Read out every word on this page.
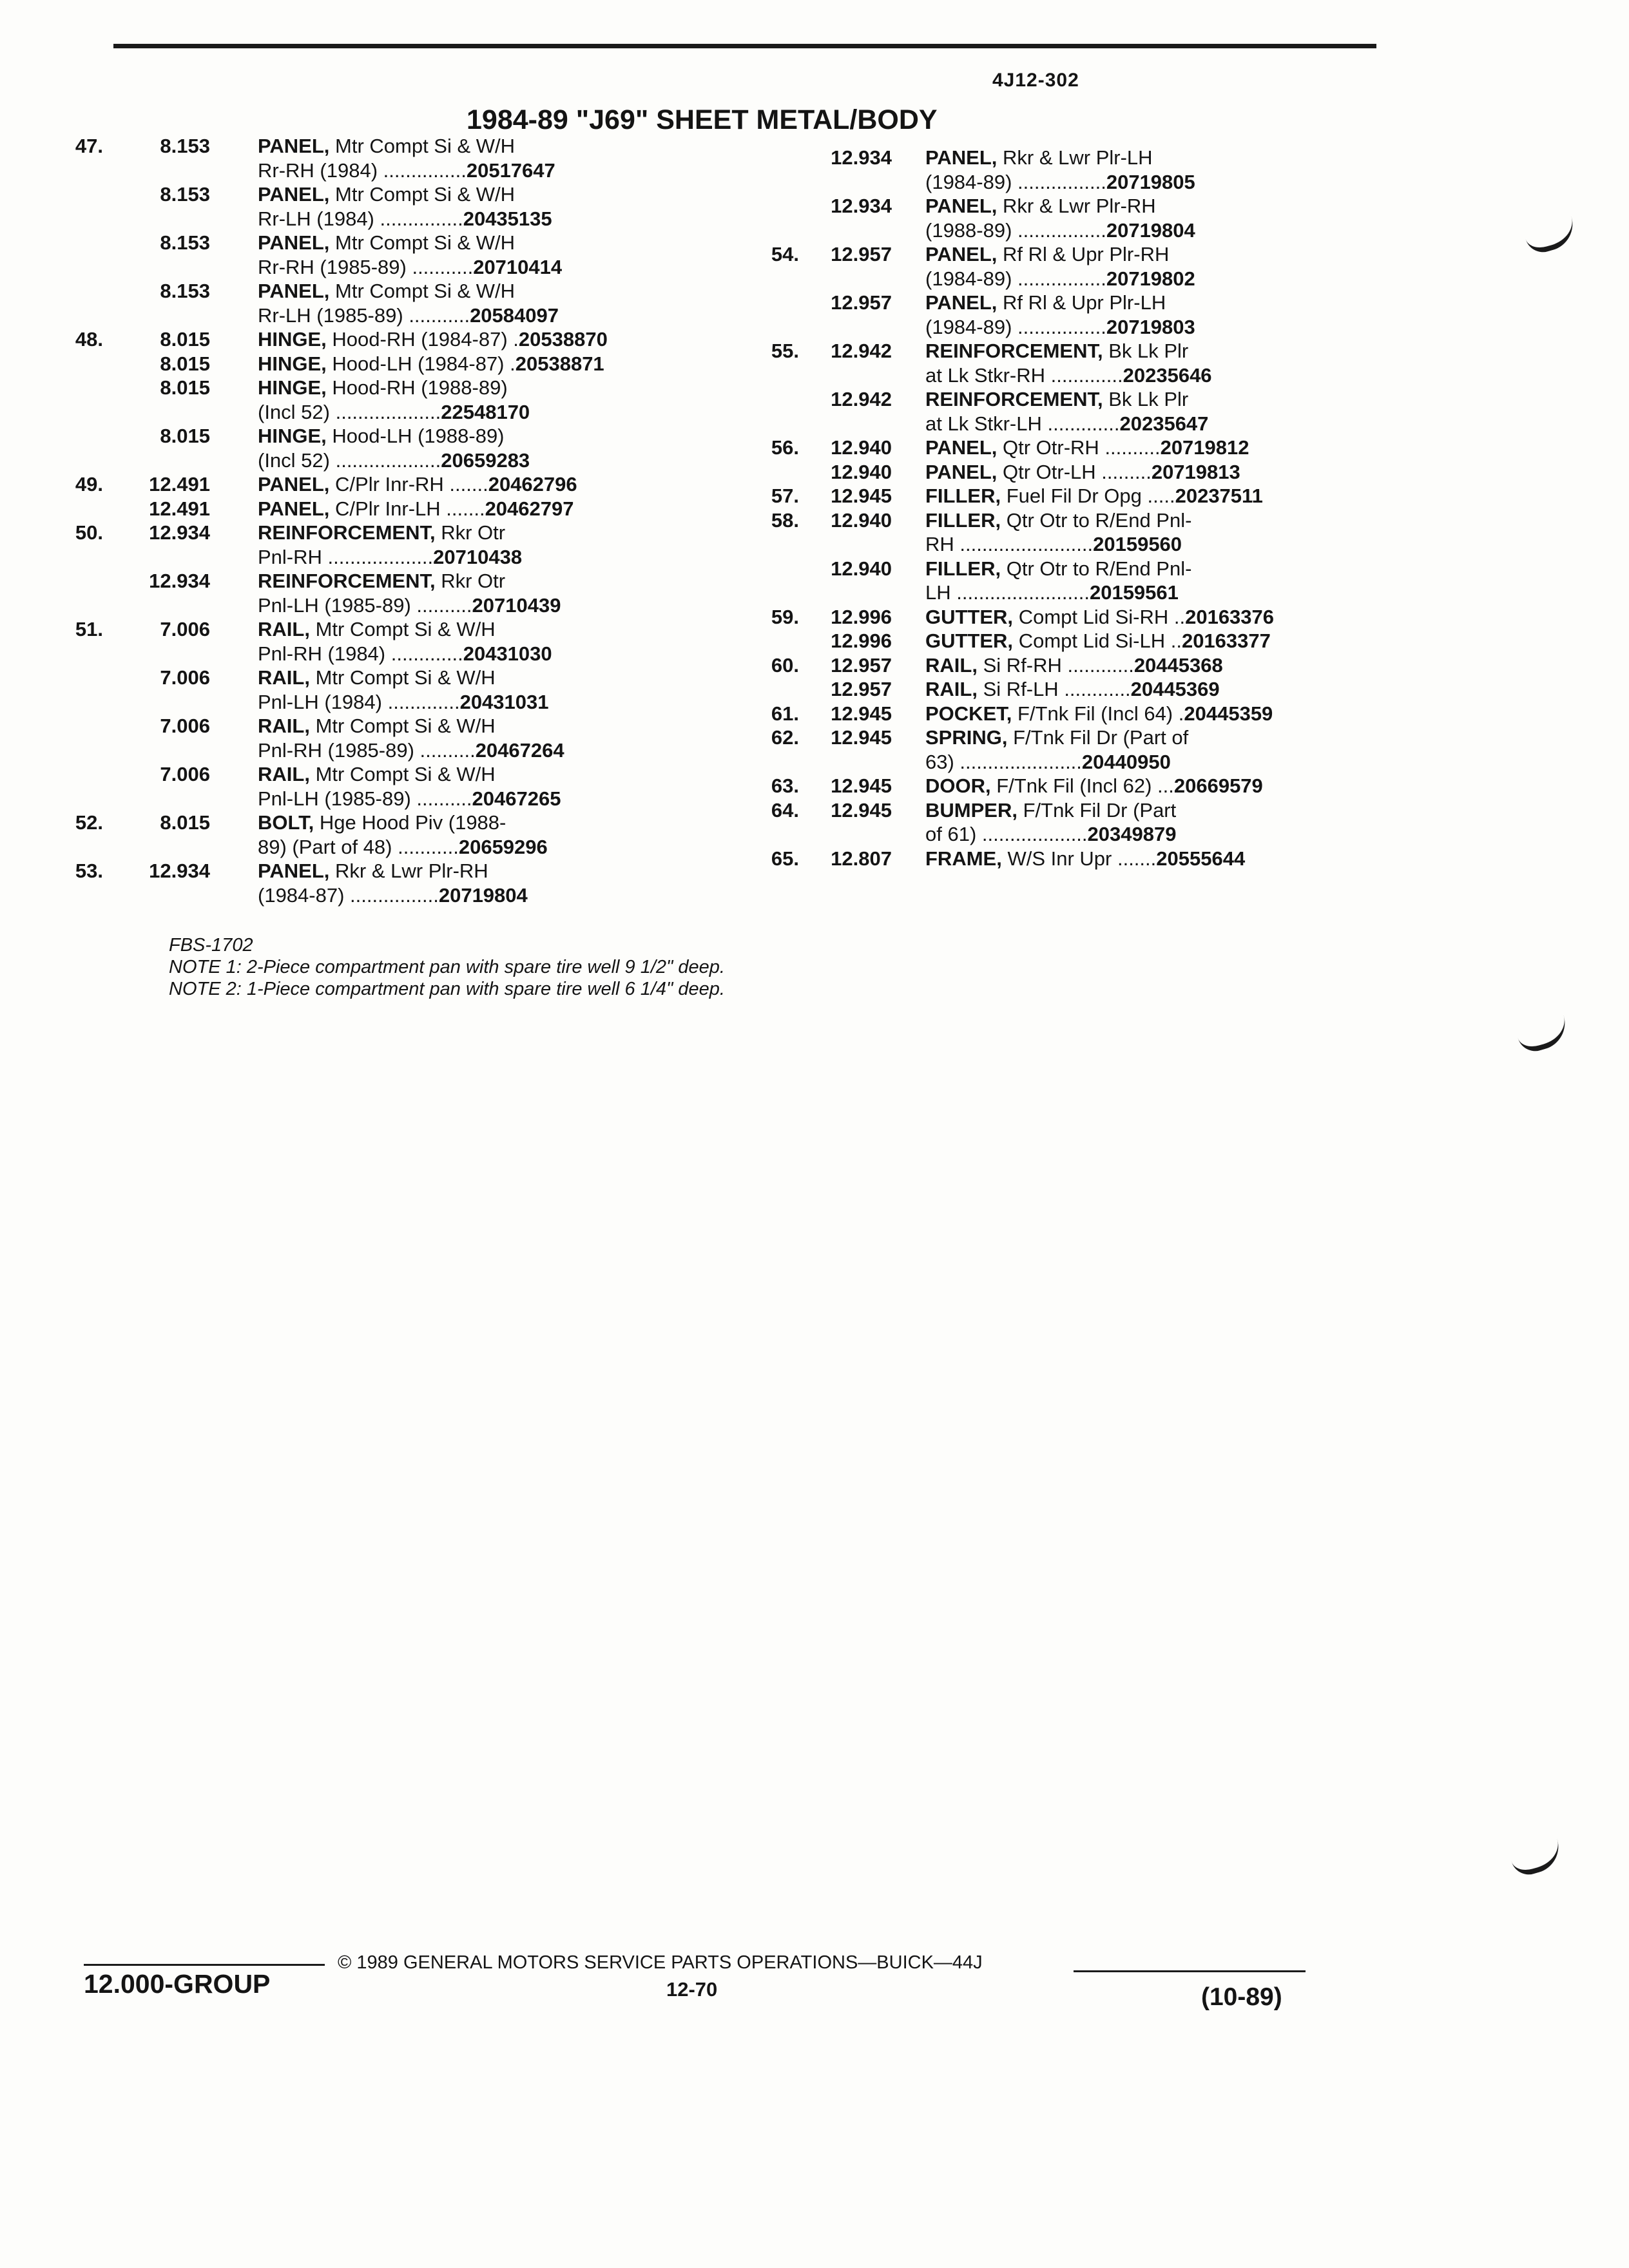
4J12-302
1984-89 "J69" SHEET METAL/BODY
47.	8.153 PANEL, Mtr Compt Si & W/H
Rr-RH (1984) ...............20517647
8.153 PANEL, Mtr Compt Si & W/H
Rr-LH (1984) ...............20435135
8.153 PANEL, Mtr Compt Si & W/H
Rr-RH (1985-89) ...........20710414
8.153 PANEL, Mtr Compt Si & W/H
Rr-LH (1985-89) ...........20584097
48.	8.015 HINGE, Hood-RH (1984-87) .20538870
8.015 HINGE, Hood-LH (1984-87) .20538871
8.015 HINGE, Hood-RH (1988-89)
(Incl 52) ...................22548170
8.015 HINGE, Hood-LH (1988-89)
(Incl 52) ...................20659283
49.	12.491 PANEL, C/Plr Inr-RH .......20462796
12.491 PANEL, C/Plr Inr-LH .......20462797
50.	12.934 REINFORCEMENT, Rkr Otr
Pnl-RH ...................20710438
12.934 REINFORCEMENT, Rkr Otr
Pnl-LH (1985-89) ..........20710439
51.	7.006 RAIL, Mtr Compt Si & W/H
Pnl-RH (1984) .............20431030
7.006 RAIL, Mtr Compt Si & W/H
Pnl-LH (1984) .............20431031
7.006 RAIL, Mtr Compt Si & W/H
Pnl-RH (1985-89) ..........20467264
7.006 RAIL, Mtr Compt Si & W/H
Pnl-LH (1985-89) ..........20467265
52.	8.015 BOLT, Hge Hood Piv (1988-
89) (Part of 48) ...........20659296
53.	12.934 PANEL, Rkr & Lwr Plr-RH
(1984-87) ................20719804
12.934 PANEL, Rkr & Lwr Plr-LH
(1984-89) ................20719805
12.934 PANEL, Rkr & Lwr Plr-RH
(1988-89) ................20719804
54.	12.957 PANEL, Rf Rl & Upr Plr-RH
(1984-89) ................20719802
12.957 PANEL, Rf Rl & Upr Plr-LH
(1984-89) ................20719803
55.	12.942 REINFORCEMENT, Bk Lk Plr
at Lk Stkr-RH .............20235646
12.942 REINFORCEMENT, Bk Lk Plr
at Lk Stkr-LH .............20235647
56.	12.940 PANEL, Qtr Otr-RH ..........20719812
12.940 PANEL, Qtr Otr-LH .........20719813
57.	12.945 FILLER, Fuel Fil Dr Opg .....20237511
58.	12.940 FILLER, Qtr Otr to R/End Pnl-
RH ........................20159560
12.940 FILLER, Qtr Otr to R/End Pnl-
LH ........................20159561
59.	12.996 GUTTER, Compt Lid Si-RH ..20163376
12.996 GUTTER, Compt Lid Si-LH ..20163377
60.	12.957 RAIL, Si Rf-RH ............20445368
12.957 RAIL, Si Rf-LH ............20445369
61.	12.945 POCKET, F/Tnk Fil (Incl 64) .20445359
62.	12.945 SPRING, F/Tnk Fil Dr (Part of
63) ......................20440950
63.	12.945 DOOR, F/Tnk Fil (Incl 62) ...20669579
64.	12.945 BUMPER, F/Tnk Fil Dr (Part
of 61) ...................20349879
65.	12.807 FRAME, W/S Inr Upr .......20555644
FBS-1702
NOTE 1: 2-Piece compartment pan with spare tire well 9 1/2" deep.
NOTE 2: 1-Piece compartment pan with spare tire well 6 1/4" deep.
12.000-GROUP
© 1989 GENERAL MOTORS SERVICE PARTS OPERATIONS—BUICK—44J
12-70	(10-89)
